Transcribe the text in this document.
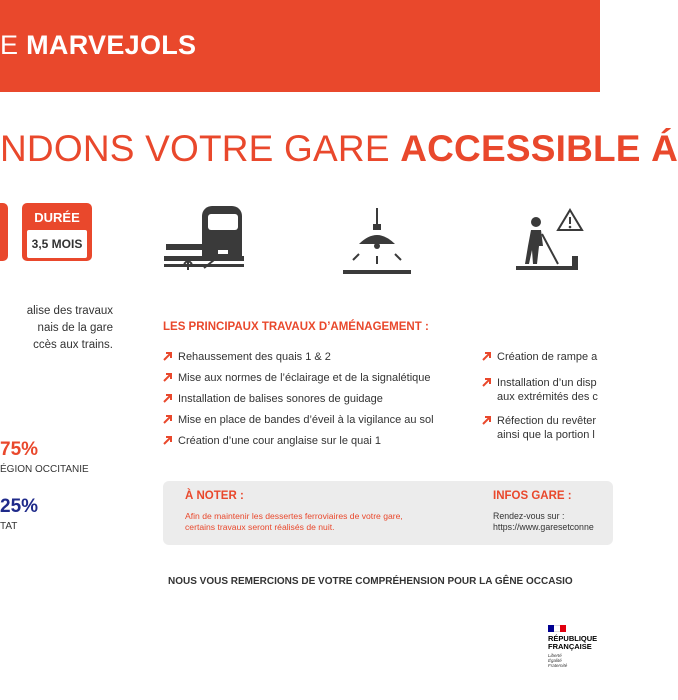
E MARVEJOLS
NDONS VOTRE GARE ACCESSIBLE Á
DURÉE
3,5 MOIS
alise des travaux
nais de la gare
ccès aux trains.
75%
ÉGION OCCITANIE
25%
TAT
LES PRINCIPAUX TRAVAUX D’AMÉNAGEMENT :
Rehaussement des quais 1 & 2
Mise aux normes de l’éclairage et de la signalétique
Installation de balises sonores de guidage
Mise en place de bandes d’éveil à la vigilance au sol
Création d’une cour anglaise sur le quai 1
Création de rampe a
Installation d’un disp
aux extrémités des c
Réfection du revêter
ainsi que la portion l
À NOTER :
Afin de maintenir les dessertes ferroviaires de votre gare,
certains travaux seront réalisés de nuit.
INFOS GARE :
Rendez-vous sur :
https://www.garesetconne
NOUS VOUS REMERCIONS DE VOTRE COMPRÉHENSION POUR LA GÊNE OCCASIO
RÉPUBLIQUE
FRANÇAISE
Liberté
Égalité
Fraternité
